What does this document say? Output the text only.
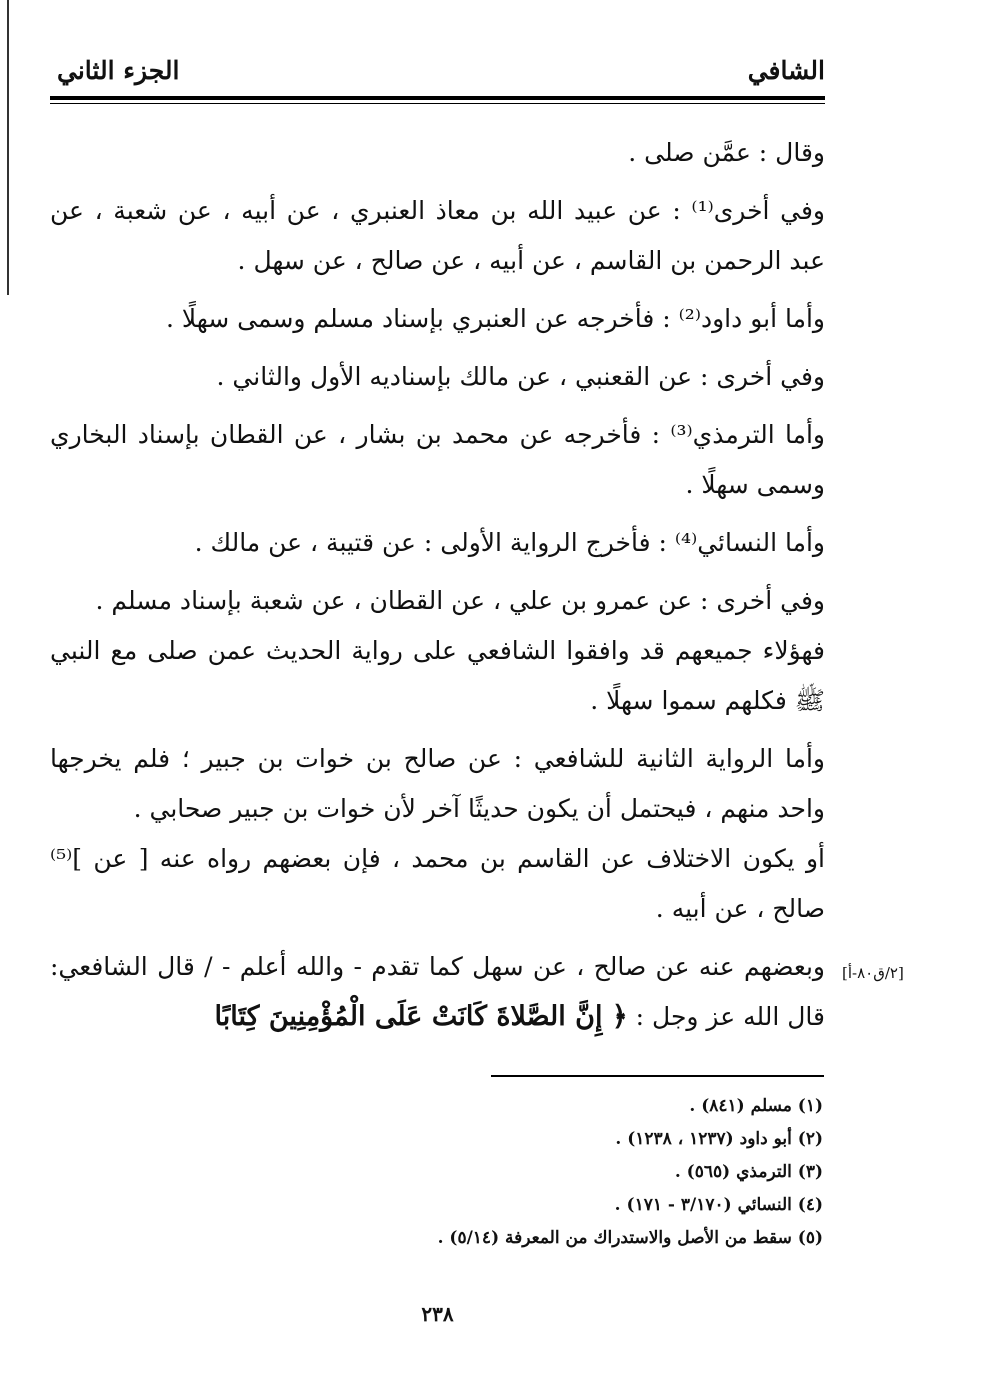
الشافي
الجزء الثاني

وقال : عمَّن صلى .

وفي أخرى⁽¹⁾ : عن عبيد الله بن معاذ العنبري ، عن أبيه ، عن شعبة ، عن عبد الرحمن بن القاسم ، عن أبيه ، عن صالح ، عن سهل .

وأما أبو داود⁽²⁾ : فأخرجه عن العنبري بإسناد مسلم وسمى سهلًا .

وفي أخرى : عن القعنبي ، عن مالك بإسناديه الأول والثاني .

وأما الترمذي⁽³⁾ : فأخرجه عن محمد بن بشار ، عن القطان بإسناد البخاري وسمى سهلًا .

وأما النسائي⁽⁴⁾ : فأخرج الرواية الأولى : عن قتيبة ، عن مالك .

وفي أخرى : عن عمرو بن علي ، عن القطان ، عن شعبة بإسناد مسلم .

فهؤلاء جميعهم قد وافقوا الشافعي على رواية الحديث عمن صلى مع النبي ﷺ فكلهم سموا سهلًا .

وأما الرواية الثانية للشافعي : عن صالح بن خوات بن جبير ؛ فلم يخرجها واحد منهم ، فيحتمل أن يكون حديثًا آخر لأن خوات بن جبير صحابي .

أو يكون الاختلاف عن القاسم بن محمد ، فإن بعضهم رواه عنه [ عن ]⁽⁵⁾ صالح ، عن أبيه .

وبعضهم عنه عن صالح ، عن سهل كما تقدم - والله أعلم - / قال الشافعي: قال الله عز وجل : ﴿ إِنَّ الصَّلاةَ كَانَتْ عَلَى الْمُؤْمِنِينَ كِتَابًا

[٢/ق٨٠-أ]
(١) مسلم (٨٤١) .
(٢) أبو داود (١٢٣٧ ، ١٢٣٨) .
(٣) الترمذي (٥٦٥) .
(٤) النسائي (٣/١٧٠ - ١٧١) .
(٥) سقط من الأصل والاستدراك من المعرفة (٥/١٤) .
٢٣٨
